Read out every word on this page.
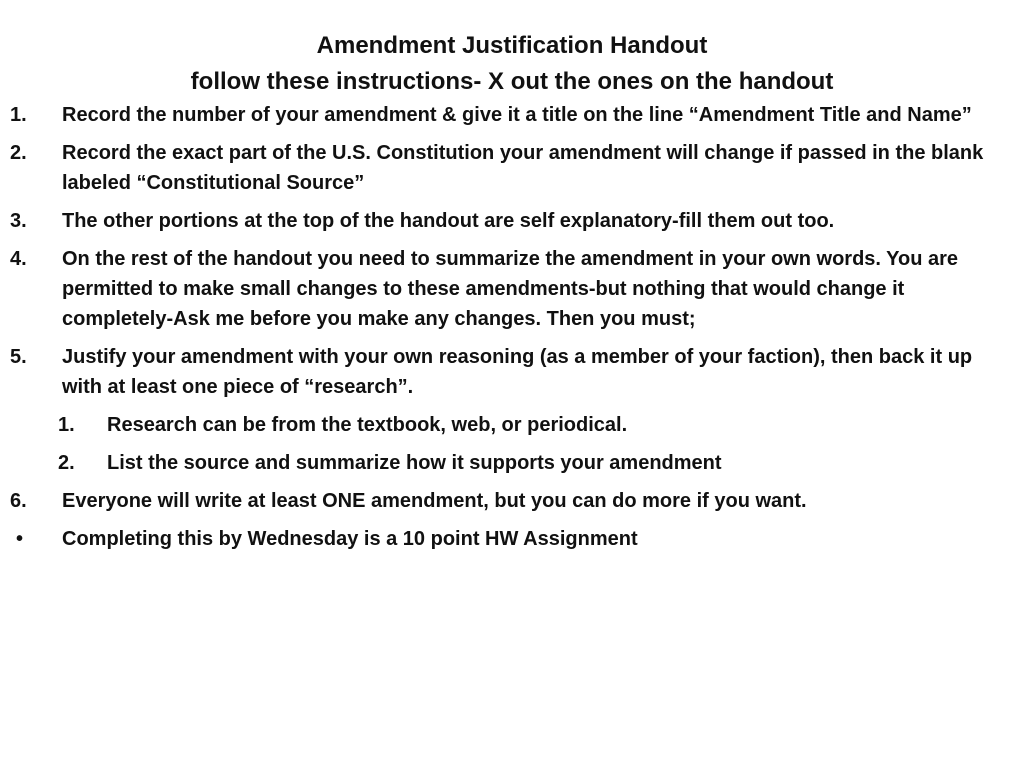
Amendment Justification Handout

follow these instructions- X out the ones on the handout

1. Record the number of your amendment & give it a title on the line “Amendment Title and Name”
2. Record the exact part of the U.S. Constitution your amendment will change if passed in the blank labeled “Constitutional Source”
3. The other portions at the top of the handout are self explanatory-fill them out too.
4. On the rest of the handout you need to summarize the amendment in your own words. You are permitted to make small changes to these amendments-but nothing that would change it completely-Ask me before you make any changes. Then you must;
5. Justify your amendment with your own reasoning (as a member of your faction), then back it up with at least one piece of “research”.
1. Research can be from the textbook, web, or periodical.
2. List the source and summarize how it supports your amendment
6. Everyone will write at least ONE amendment, but you can do more if you want.
• Completing this by Wednesday is a 10 point HW Assignment
